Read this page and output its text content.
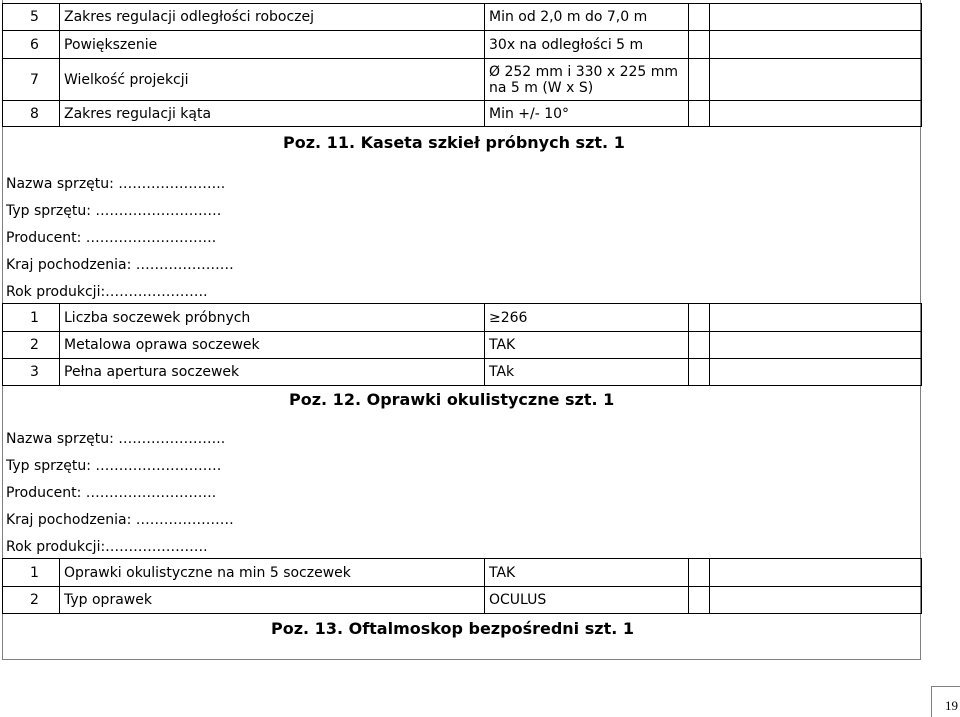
5	Zakres regulacji odległości roboczej	Min od 2,0 m do 7,0 m		
6	Powiększenie	30x na odległości 5 m		
7	Wielkość projekcji	Ø 252 mm i 330 x 225 mm
na 5 m (W x S)		

8	Zakres regulacji kąta	Min +/- 10°		
Poz. 11. Kaseta szkieł próbnych szt. 1
Nazwa sprzętu: …………………..
Typ sprzętu: ………………………
Producent: ……………………….
Kraj pochodzenia: …………………
Rok produkcji:………………….
1	Liczba soczewek próbnych	≥266		
2	Metalowa oprawa soczewek	TAK		
3	Pełna apertura soczewek	TAk		
Poz. 12. Oprawki okulistyczne szt. 1
Nazwa sprzętu: …………………..
Typ sprzętu: ………………………
Producent: ……………………….
Kraj pochodzenia: …………………
Rok produkcji:………………….
1	Oprawki okulistyczne na min 5 soczewek	TAK		
2	Typ oprawek	OCULUS		
Poz. 13. Oftalmoskop bezpośredni szt. 1
19
